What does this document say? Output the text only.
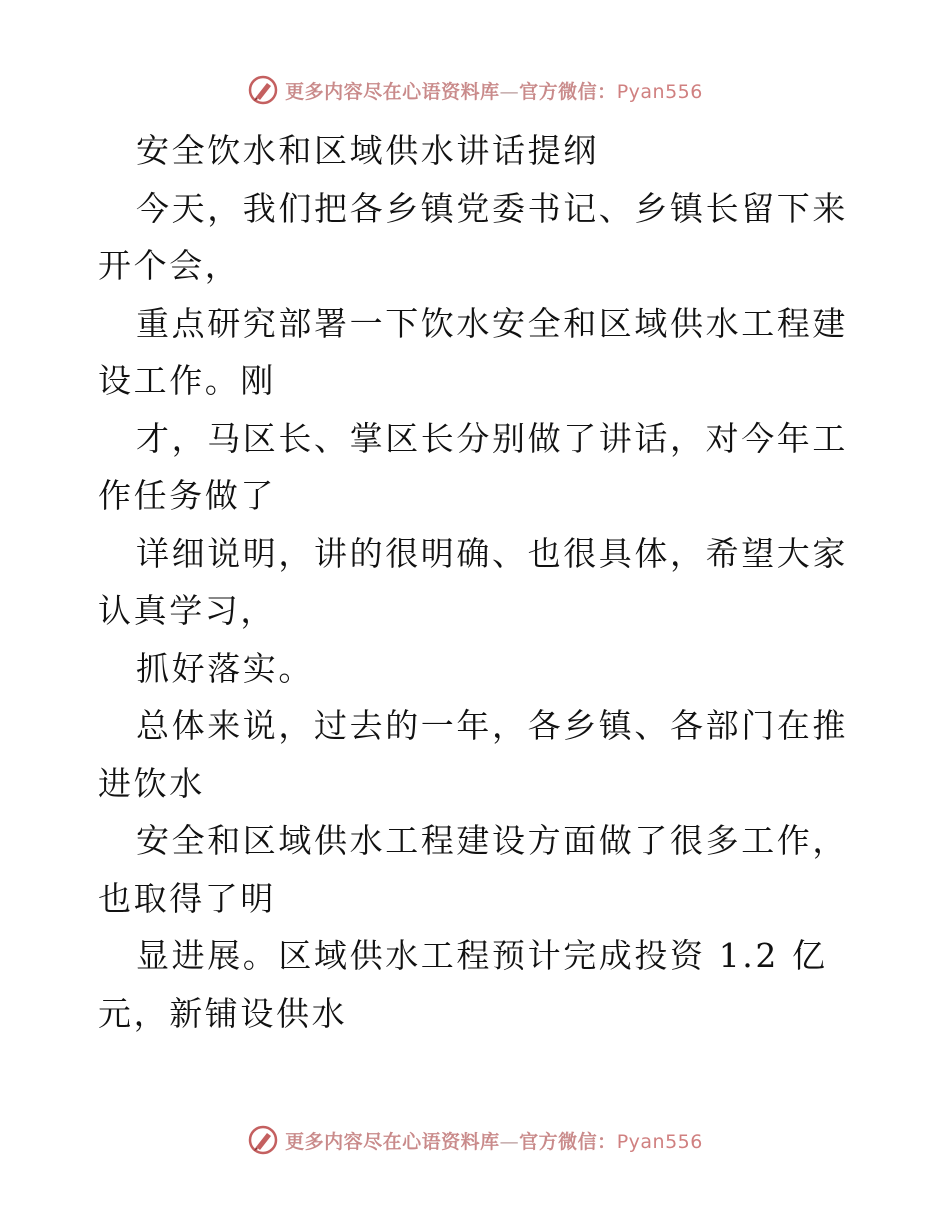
更多内容尽在心语资料库—官方微信：Pyan556

安全饮水和区域供水讲话提纲

今天，我们把各乡镇党委书记、乡镇长留下来开个会，

重点研究部署一下饮水安全和区域供水工程建设工作。刚

才，马区长、掌区长分别做了讲话，对今年工作任务做了

详细说明，讲的很明确、也很具体，希望大家认真学习，

抓好落实。

总体来说，过去的一年，各乡镇、各部门在推进饮水

安全和区域供水工程建设方面做了很多工作，也取得了明

显进展。区域供水工程预计完成投资 1.2 亿元，新铺设供水

更多内容尽在心语资料库—官方微信：Pyan556
